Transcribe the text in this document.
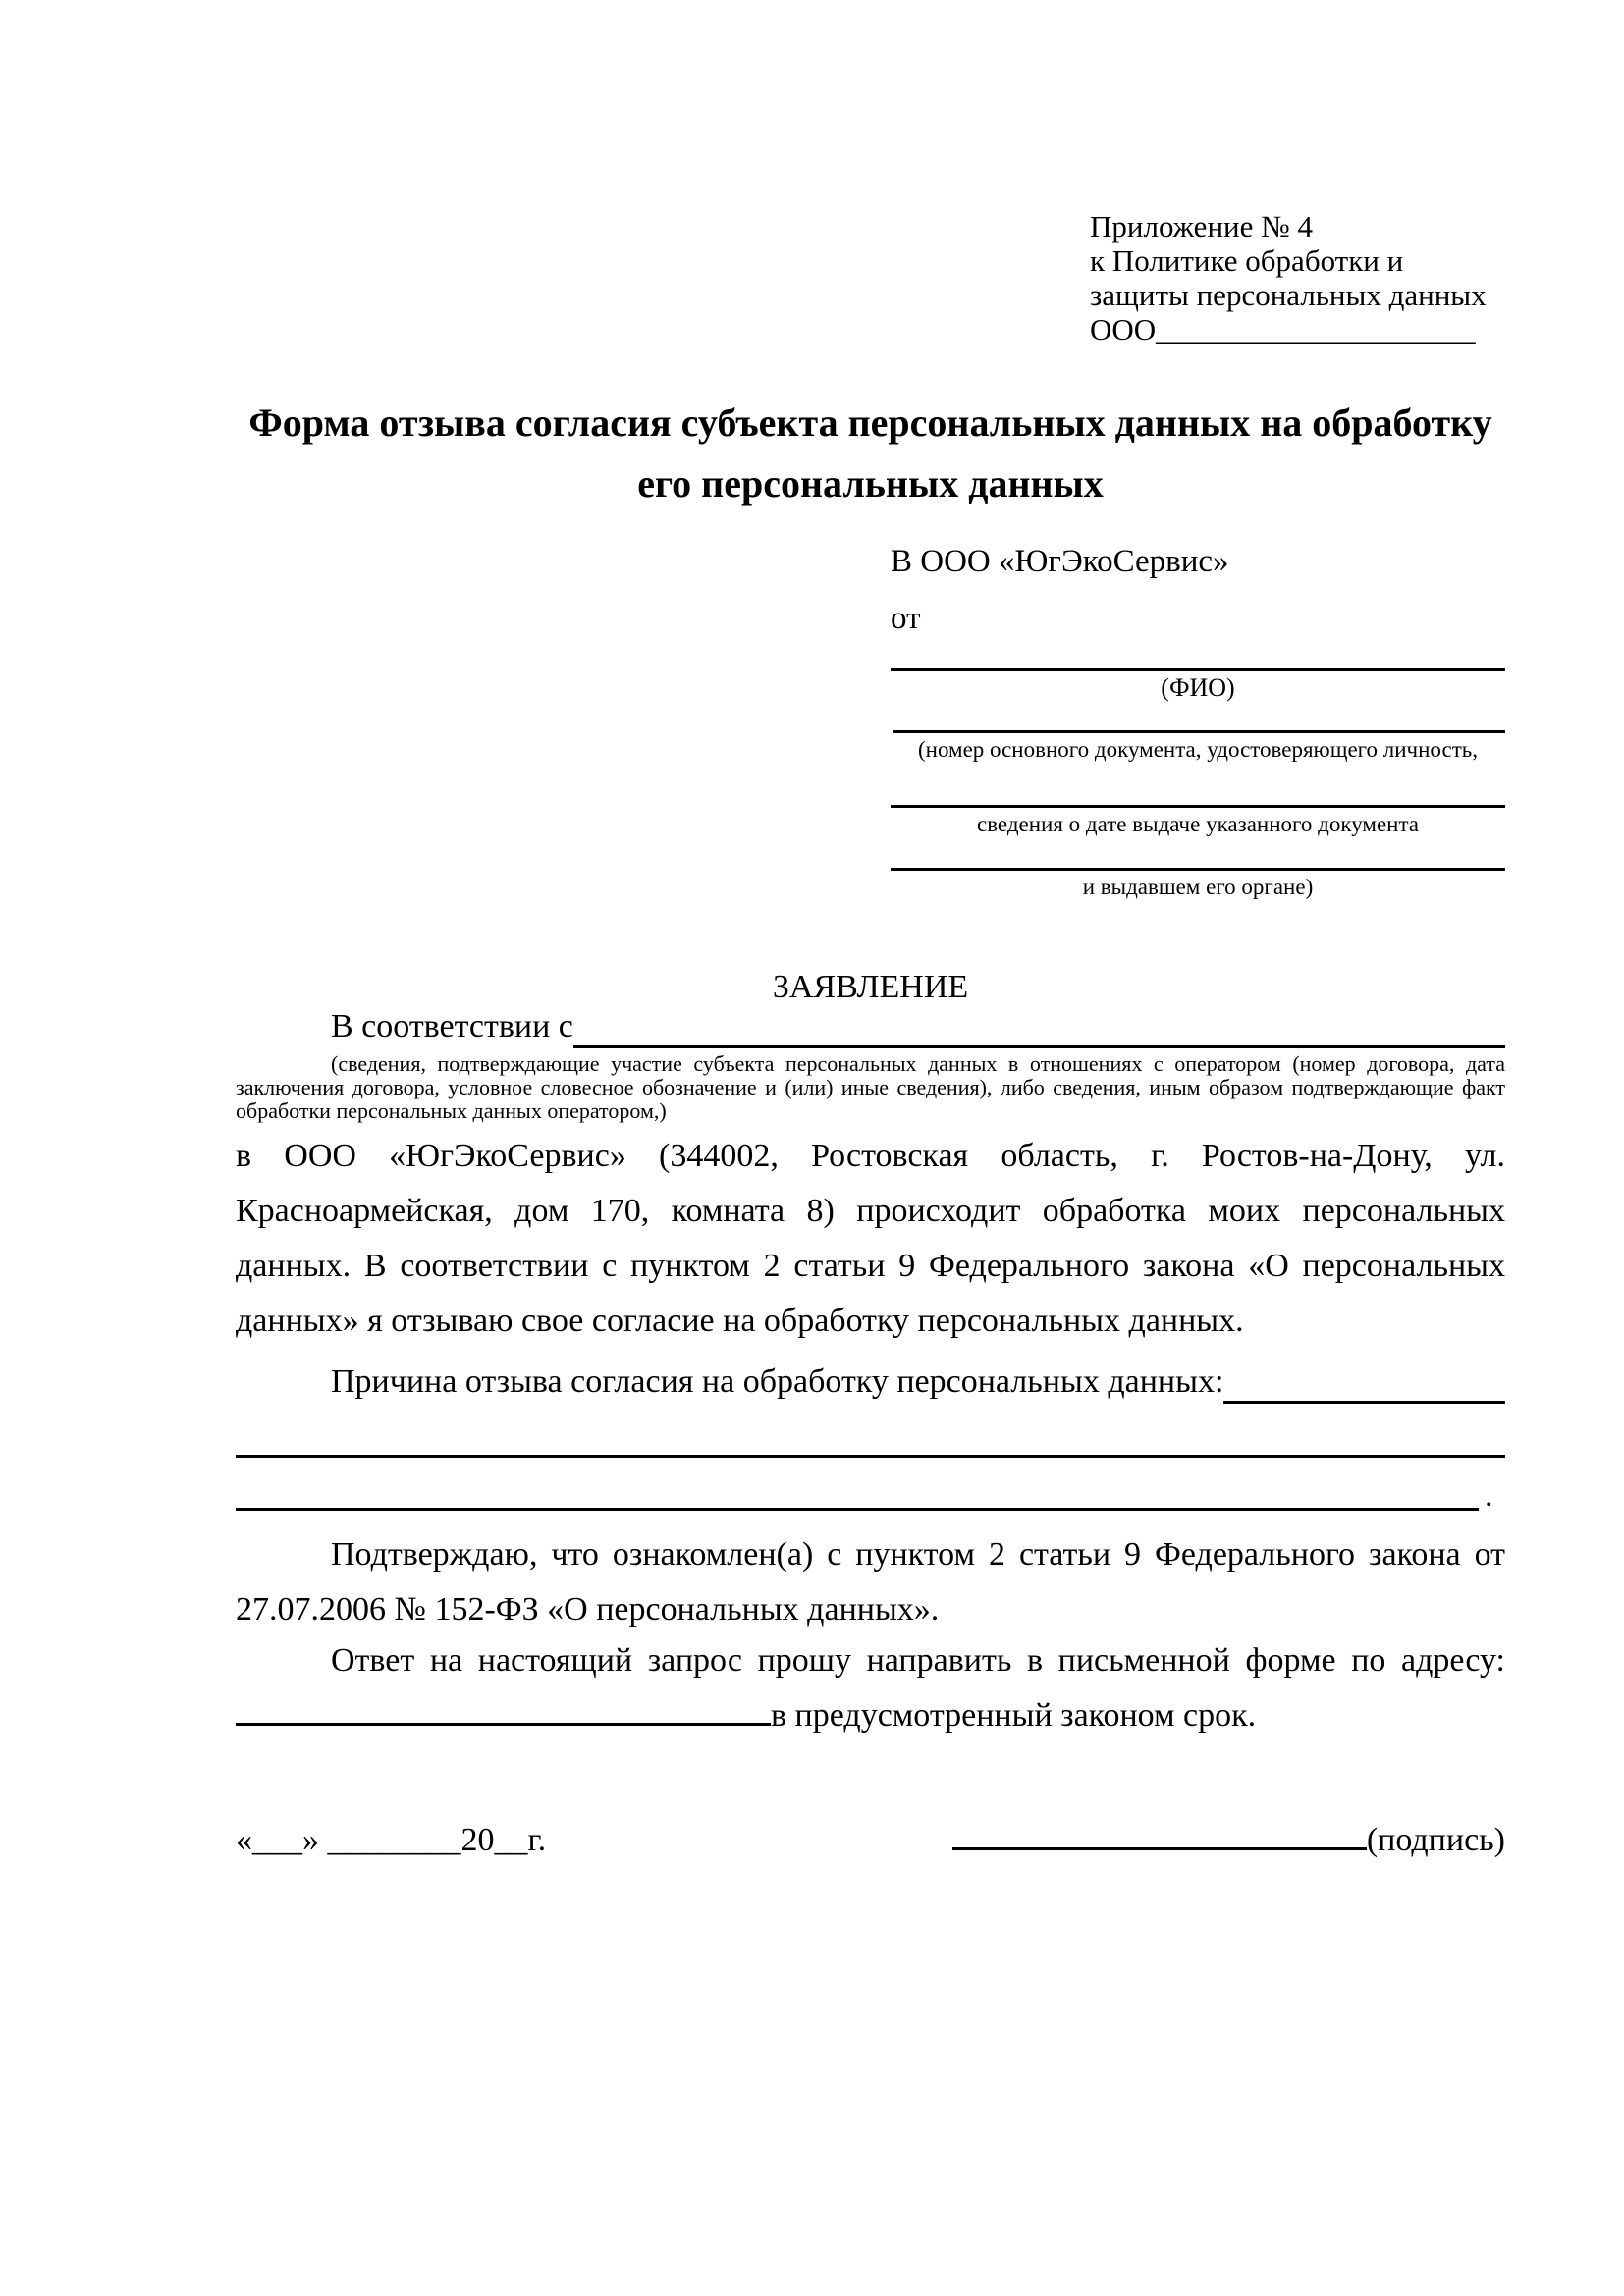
Приложение № 4
к Политике обработки и
защиты персональных данных
ООО_____________________
Форма отзыва согласия субъекта персональных данных на обработку
его персональных данных
В ООО «ЮгЭкоСервис»
от
(ФИО)
(номер основного документа, удостоверяющего личность,
сведения о дате выдаче указанного документа
и выдавшем его органе)
ЗАЯВЛЕНИЕ
В соответствии с

(сведения, подтверждающие участие субъекта персональных данных в отношениях с оператором (номер договора, дата заключения договора, условное словесное обозначение и (или) иные сведения), либо сведения, иным образом подтверждающие факт обработки персональных данных оператором,)

в ООО «ЮгЭкоСервис» (344002, Ростовская область, г. Ростов-на-Дону, ул. Красноармейская, дом 170, комната 8) происходит обработка моих персональных данных. В соответствии с пунктом 2 статьи 9 Федерального закона «О персональных данных» я отзываю свое согласие на обработку персональных данных.

Причина отзыва согласия на обработку персональных данных:
.

Подтверждаю, что ознакомлен(а) с пунктом 2 статьи 9 Федерального закона от 27.07.2006 № 152-ФЗ «О персональных данных».

Ответ на настоящий запрос прошу направить в письменной форме по адресу: в предусмотренный законом срок.

«___» ________20__г.	(подпись)
